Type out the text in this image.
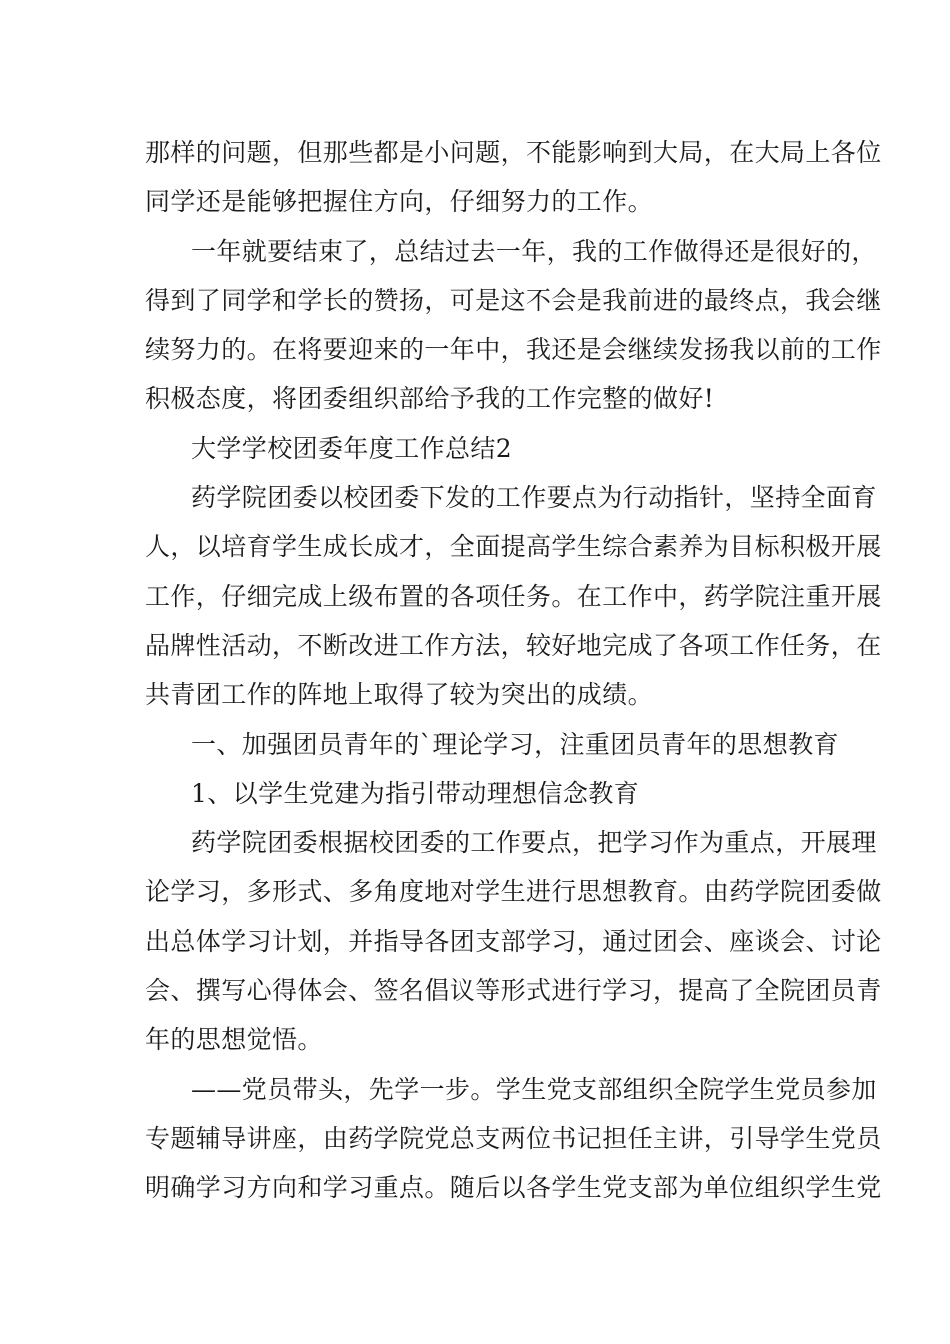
那样的问题，但那些都是小问题，不能影响到大局，在大局上各位
同学还是能够把握住方向，仔细努力的工作。
一年就要结束了，总结过去一年，我的工作做得还是很好的，
得到了同学和学长的赞扬，可是这不会是我前进的最终点，我会继
续努力的。在将要迎来的一年中，我还是会继续发扬我以前的工作
积极态度，将团委组织部给予我的工作完整的做好!
大学学校团委年度工作总结2
药学院团委以校团委下发的工作要点为行动指针，坚持全面育
人，以培育学生成长成才，全面提高学生综合素养为目标积极开展
工作，仔细完成上级布置的各项任务。在工作中，药学院注重开展
品牌性活动，不断改进工作方法，较好地完成了各项工作任务，在
共青团工作的阵地上取得了较为突出的成绩。
一、加强团员青年的`理论学习，注重团员青年的思想教育
1、以学生党建为指引带动理想信念教育
药学院团委根据校团委的工作要点，把学习作为重点，开展理
论学习，多形式、多角度地对学生进行思想教育。由药学院团委做
出总体学习计划，并指导各团支部学习，通过团会、座谈会、讨论
会、撰写心得体会、签名倡议等形式进行学习，提高了全院团员青
年的思想觉悟。
——党员带头，先学一步。学生党支部组织全院学生党员参加
专题辅导讲座，由药学院党总支两位书记担任主讲，引导学生党员
明确学习方向和学习重点。随后以各学生党支部为单位组织学生党
